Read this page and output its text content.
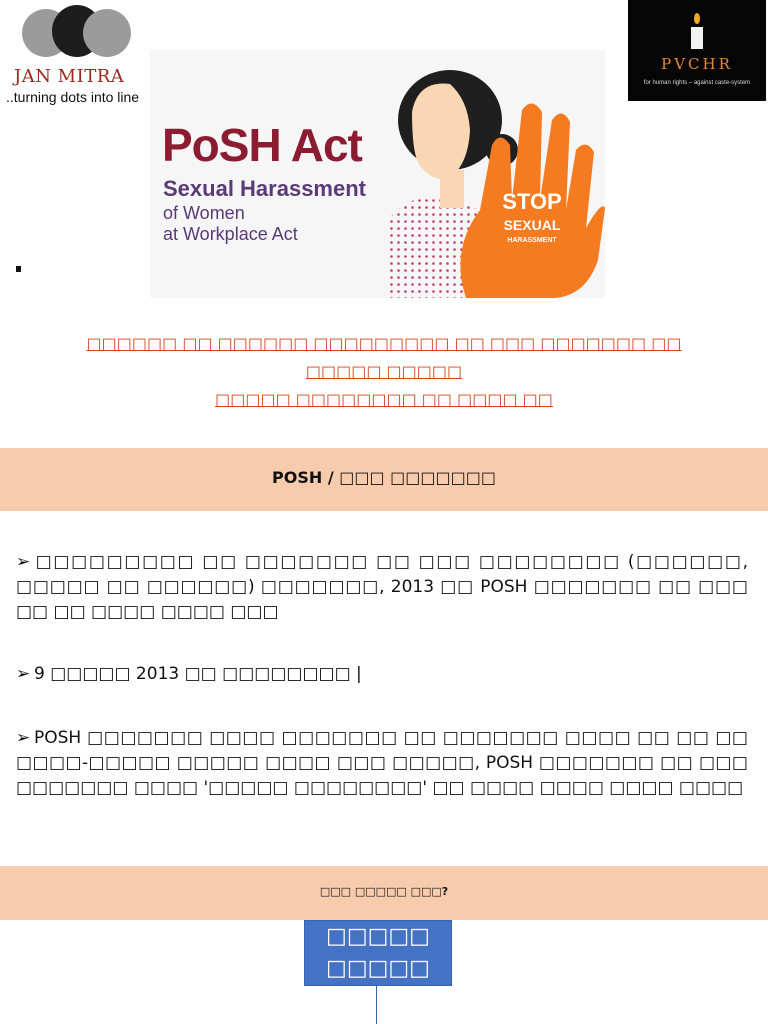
JAN MITRA
..turning dots into line
PVCHR
for human rights – against caste-system
PoSH Act
Sexual Harassment
of Women
at Workplace Act
STOP
SEXUAL
HARASSMENT
□□□□□□ □□ □□□□□□ □□□□□□□□□ □□ □□□ □□□□□□□ □□ □□□□□ □□□□□
□□□□□ □□□□□□□□ □□ □□□□ □□
POSH / □□□ □□□□□□□
➢ □□□□□□□□□ □□ □□□□□□□ □□ □□□ □□□□□□□□ (□□□□□□, □□□□□ □□ □□□□□□) □□□□□□□, 2013 □□ POSH □□□□□□□ □□ □□□ □□ □□ □□□□ □□□□ □□□
➢ 9 □□□□□ 2013 □□ □□□□□□□□ |
➢ POSH □□□□□□□ □□□□ □□□□□□□ □□ □□□□□□□ □□□□ □□ □□ □□ □□□□-□□□□□ □□□□□ □□□□ □□□ □□□□□, POSH □□□□□□□ □□ □□□ □□□□□□□ □□□□ '□□□□□ □□□□□□□□' □□ □□□□ □□□□ □□□□ □□□□
□□□ □□□□□ □□□?
□□□□□ □□□□□
